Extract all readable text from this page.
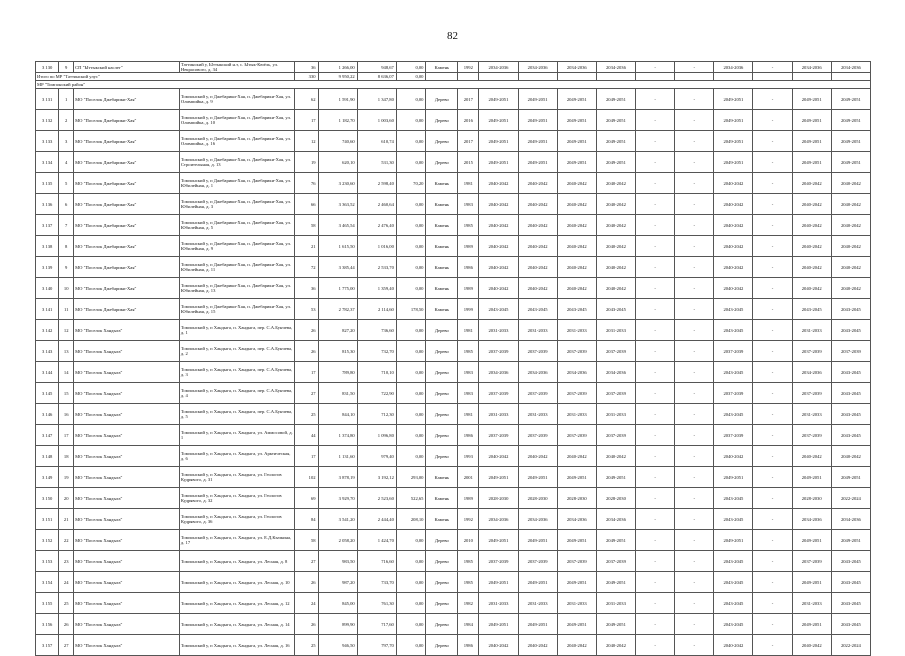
82
3 130	9	СП "Ыттыкский наслег"	Таттинский у, Ыттыкский н.т, с. Ытык-Кюёль, ул. Некрасового, д. 34	36	1 266,00	948,67	0,00	Камень	1992	2034-2036	2034-2036	2034-2036	2034-2036	-	-	2034-2036	-	2034-2036	2034-2036
Итого по МР "Таттинский улус"				330	9 950,22	8 636,07	0,00												
МР "Томпонский район"																			
3 131	1	МО "Поселок Джебарики-Хая"	Томпонский у, п Джебарики-Хая, п. Джебарики-Хая, ул. Олимпийка, д. 9	62	1 591,90	1 347,80	0,00	Дерево	2017	2049-2051	2049-2051	2049-2051	2049-2051	-	-	2049-2051	-	2049-2051	2049-2051
3 132	2	МО "Поселок Джебарики-Хая"	Томпонский у, п Джебарики-Хая, п. Джебарики-Хая, ул. Олимпийка, д. 10	17	1 182,70	1 003,60	0,00	Дерево	2016	2049-2051	2049-2051	2049-2051	2049-2051	-	-	2049-2051	-	2049-2051	2049-2051
3 133	3	МО "Поселок Джебарики-Хая"	Томпонский у, п Джебарики-Хая, п. Джебарики-Хая, ул. Олимпийка, д. 16	12	740,60	610,74	0,00	Дерево	2017	2049-2051	2049-2051	2049-2051	2049-2051	-	-	2049-2051	-	2049-2051	2049-2051
3 134	4	МО "Поселок Джебарики-Хая"	Томпонский у, п Джебарики-Хая, п. Джебарики-Хая, ул. Строителыная, д. 13	19	620,10	531,30	0,00	Дерево	2015	2049-2051	2049-2051	2049-2051	2049-2051	-	-	2049-2051	-	2049-2051	2049-2051
3 135	5	МО "Поселок Джебарики-Хая"	Томпонский у, п Джебарики-Хая, п. Джебарики-Хая, ул. Юбилейная, д. 1	76	3 230,60	2 598,40	70,20	Камень	1981	2040-2042	2040-2042	2040-2042	2040-2042	-	-	2040-2042	-	2040-2042	2040-2042
3 136	6	МО "Поселок Джебарики-Хая"	Томпонский у, п Джебарики-Хая, п. Джебарики-Хая, ул. Юбилейная, д. 3	66	3 363,52	2 460,64	0,00	Камень	1983	2040-2042	2040-2042	2040-2042	2040-2042	-	-	2040-2042	-	2040-2042	2040-2042
3 137	7	МО "Поселок Джебарики-Хая"	Томпонский у, п Джебарики-Хая, п. Джебарики-Хая, ул. Юбилейная, д. 5	58	3 465,54	2 476,40	0,00	Камень	1985	2040-2042	2040-2042	2040-2042	2040-2042	-	-	2040-2042	-	2040-2042	2040-2042
3 138	8	МО "Поселок Джебарики-Хая"	Томпонский у, п Джебарики-Хая, п. Джебарики-Хая, ул. Юбилейная, д. 9	21	1 615,50	1 016,00	0,00	Камень	1989	2040-2042	2040-2042	2040-2042	2040-2042	-	-	2040-2042	-	2040-2042	2040-2042
3 139	9	МО "Поселок Джебарики-Хая"	Томпонский у, п Джебарики-Хая, п. Джебарики-Хая, ул. Юбилейная, д. 11	72	3 385,44	2 533,70	0,00	Камень	1986	2040-2042	2040-2042	2040-2042	2040-2042	-	-	2040-2042	-	2040-2042	2040-2042
3 140	10	МО "Поселок Джебарики-Хая"	Томпонский у, п Джебарики-Хая, п. Джебарики-Хая, ул. Юбилейная, д. 13	36	1 775,00	1 359,40	0,00	Камень	1989	2040-2042	2040-2042	2040-2042	2040-2042	-	-	2040-2042	-	2040-2042	2040-2042
3 141	11	МО "Поселок Джебарики-Хая"	Томпонский у, п Джебарики-Хая, п. Джебарики-Хая, ул. Юбилейная, д. 15	53	2 782,37	2 114,60	178,50	Камень	1999	2043-2045	2043-2045	2043-2045	2043-2045	-	-	2043-2045	-	2043-2045	2043-2045
3 142	12	МО "Поселок Хандыга"	Томпонский у, п Хандыга, п. Хандыга, пер. С.А.Бунчева, д. 1	26	827,20	736,60	0,00	Дерево	1981	2031-2033	2031-2033	2031-2033	2031-2033	-	-	2043-2045	-	2031-2033	2043-2045
3 143	13	МО "Поселок Хандыга"	Томпонский у, п Хандыга, п. Хандыга, пер. С.А.Бунчева, д. 2	26	815,30	732,70	0,00	Дерево	1985	2037-2039	2037-2039	2037-2039	2037-2039	-	-	2037-2039	-	2037-2039	2037-2039
3 144	14	МО "Поселок Хандыга"	Томпонский у, п Хандыга, п. Хандыга, пер. С.А.Бунчева, д. 3	17	789,80	710,10	0,00	Дерево	1983	2034-2036	2034-2036	2034-2036	2034-2036	-	-	2043-2045	-	2034-2036	2043-2045
3 145	15	МО "Поселок Хандыга"	Томпонский у, п Хандыга, п. Хандыга, пер. С.А.Бунчева, д. 4	27	831,50	722,90	0,00	Дерево	1983	2037-2039	2037-2039	2037-2039	2037-2039	-	-	2037-2039	-	2037-2039	2043-2045
3 146	16	МО "Поселок Хандыга"	Томпонский у, п Хандыга, п. Хандыга, пер. С.А.Бунчева, д. 5	25	844,10	712,30	0,00	Дерево	1981	2031-2033	2031-2033	2031-2033	2031-2033	-	-	2043-2045	-	2031-2033	2043-2045
3 147	17	МО "Поселок Хандыга"	Томпонский у, п Хандыга, п. Хандыга, ул. Аммосовой, д. 1	44	1 374,80	1 096,80	0,00	Дерево	1986	2037-2039	2037-2039	2037-2039	2037-2039	-	-	2037-2039	-	2037-2039	2043-2045
3 148	18	МО "Поселок Хандыга"	Томпонский у, п Хандыга, п. Хандыга, ул. Арктическая, д. 6	17	1 131,60	979,40	0,00	Дерево	1993	2040-2042	2040-2042	2040-2042	2040-2042	-	-	2040-2042	-	2040-2042	2040-2042
3 149	19	МО "Поселок Хандыга"	Томпонский у, п Хандыга, п. Хандыга, ул. Геологов Кудрявого, д. 31	102	3 878,19	3 192,12	293,00	Камень	2001	2049-2051	2049-2051	2049-2051	2049-2051	-	-	2049-2051	-	2049-2051	2049-2051
3 150	20	МО "Поселок Хандыга"	Томпонский у, п Хандыга, п. Хандыга, ул. Геологов Кудрявого, д. 32	69	3 929,70	2 523,60	522,65	Камень	1989	2028-2030	2028-2030	2028-2030	2028-2030	-	-	2043-2045	-	2028-2030	2022-2024
3 151	21	МО "Поселок Хандыга"	Томпонский у, п Хандыга, п. Хандыга, ул. Геологов Кудрявого, д. 36	84	3 541,20	2 444,40	208,10	Камень	1992	2034-2036	2034-2036	2034-2036	2034-2036	-	-	2043-2045	-	2034-2036	2034-2036
3 152	22	МО "Поселок Хандыга"	Томпонский у, п Хандыга, п. Хандыга, ул. Е.Д.Кычкина, д. 17	58	2 058,20	1 424,70	0,00	Дерево	2010	2049-2051	2049-2051	2049-2051	2049-2051	-	-	2049-2051	-	2049-2051	2049-2051
3 153	23	МО "Поселок Хандыга"	Томпонский у, п Хандыга, п. Хандыга, ул. Лесная, д. 8	27	983,50	716,60	0,00	Дерево	1985	2037-2039	2037-2039	2037-2039	2037-2039	-	-	2043-2045	-	2037-2039	2043-2045
3 154	24	МО "Поселок Хандыга"	Томпонский у, п Хандыга, п. Хандыга, ул. Лесная, д. 10	26	987,20	733,70	0,00	Дерево	1985	2049-2051	2049-2051	2049-2051	2049-2051	-	-	2043-2045	-	2049-2051	2043-2045
3 155	25	МО "Поселок Хандыга"	Томпонский у, п Хандыга, п. Хандыга, ул. Лесная, д. 12	24	845,00	761,30	0,00	Дерево	1982	2031-2033	2031-2033	2031-2033	2031-2033	-	-	2043-2045	-	2031-2033	2043-2045
3 156	26	МО "Поселок Хандыга"	Томпонский у, п Хандыга, п. Хандыга, ул. Лесная, д. 14	26	899,90	717,60	0,00	Дерево	1984	2049-2051	2049-2051	2049-2051	2049-2051	-	-	2043-2045	-	2049-2051	2043-2045
3 157	27	МО "Поселок Хандыга"	Томпонский у, п Хандыга, п. Хандыга, ул. Лесная, д. 16	25	946,50	797,70	0,00	Дерево	1986	2040-2042	2040-2042	2040-2042	2040-2042	-	-	2040-2042	-	2040-2042	2022-2024
